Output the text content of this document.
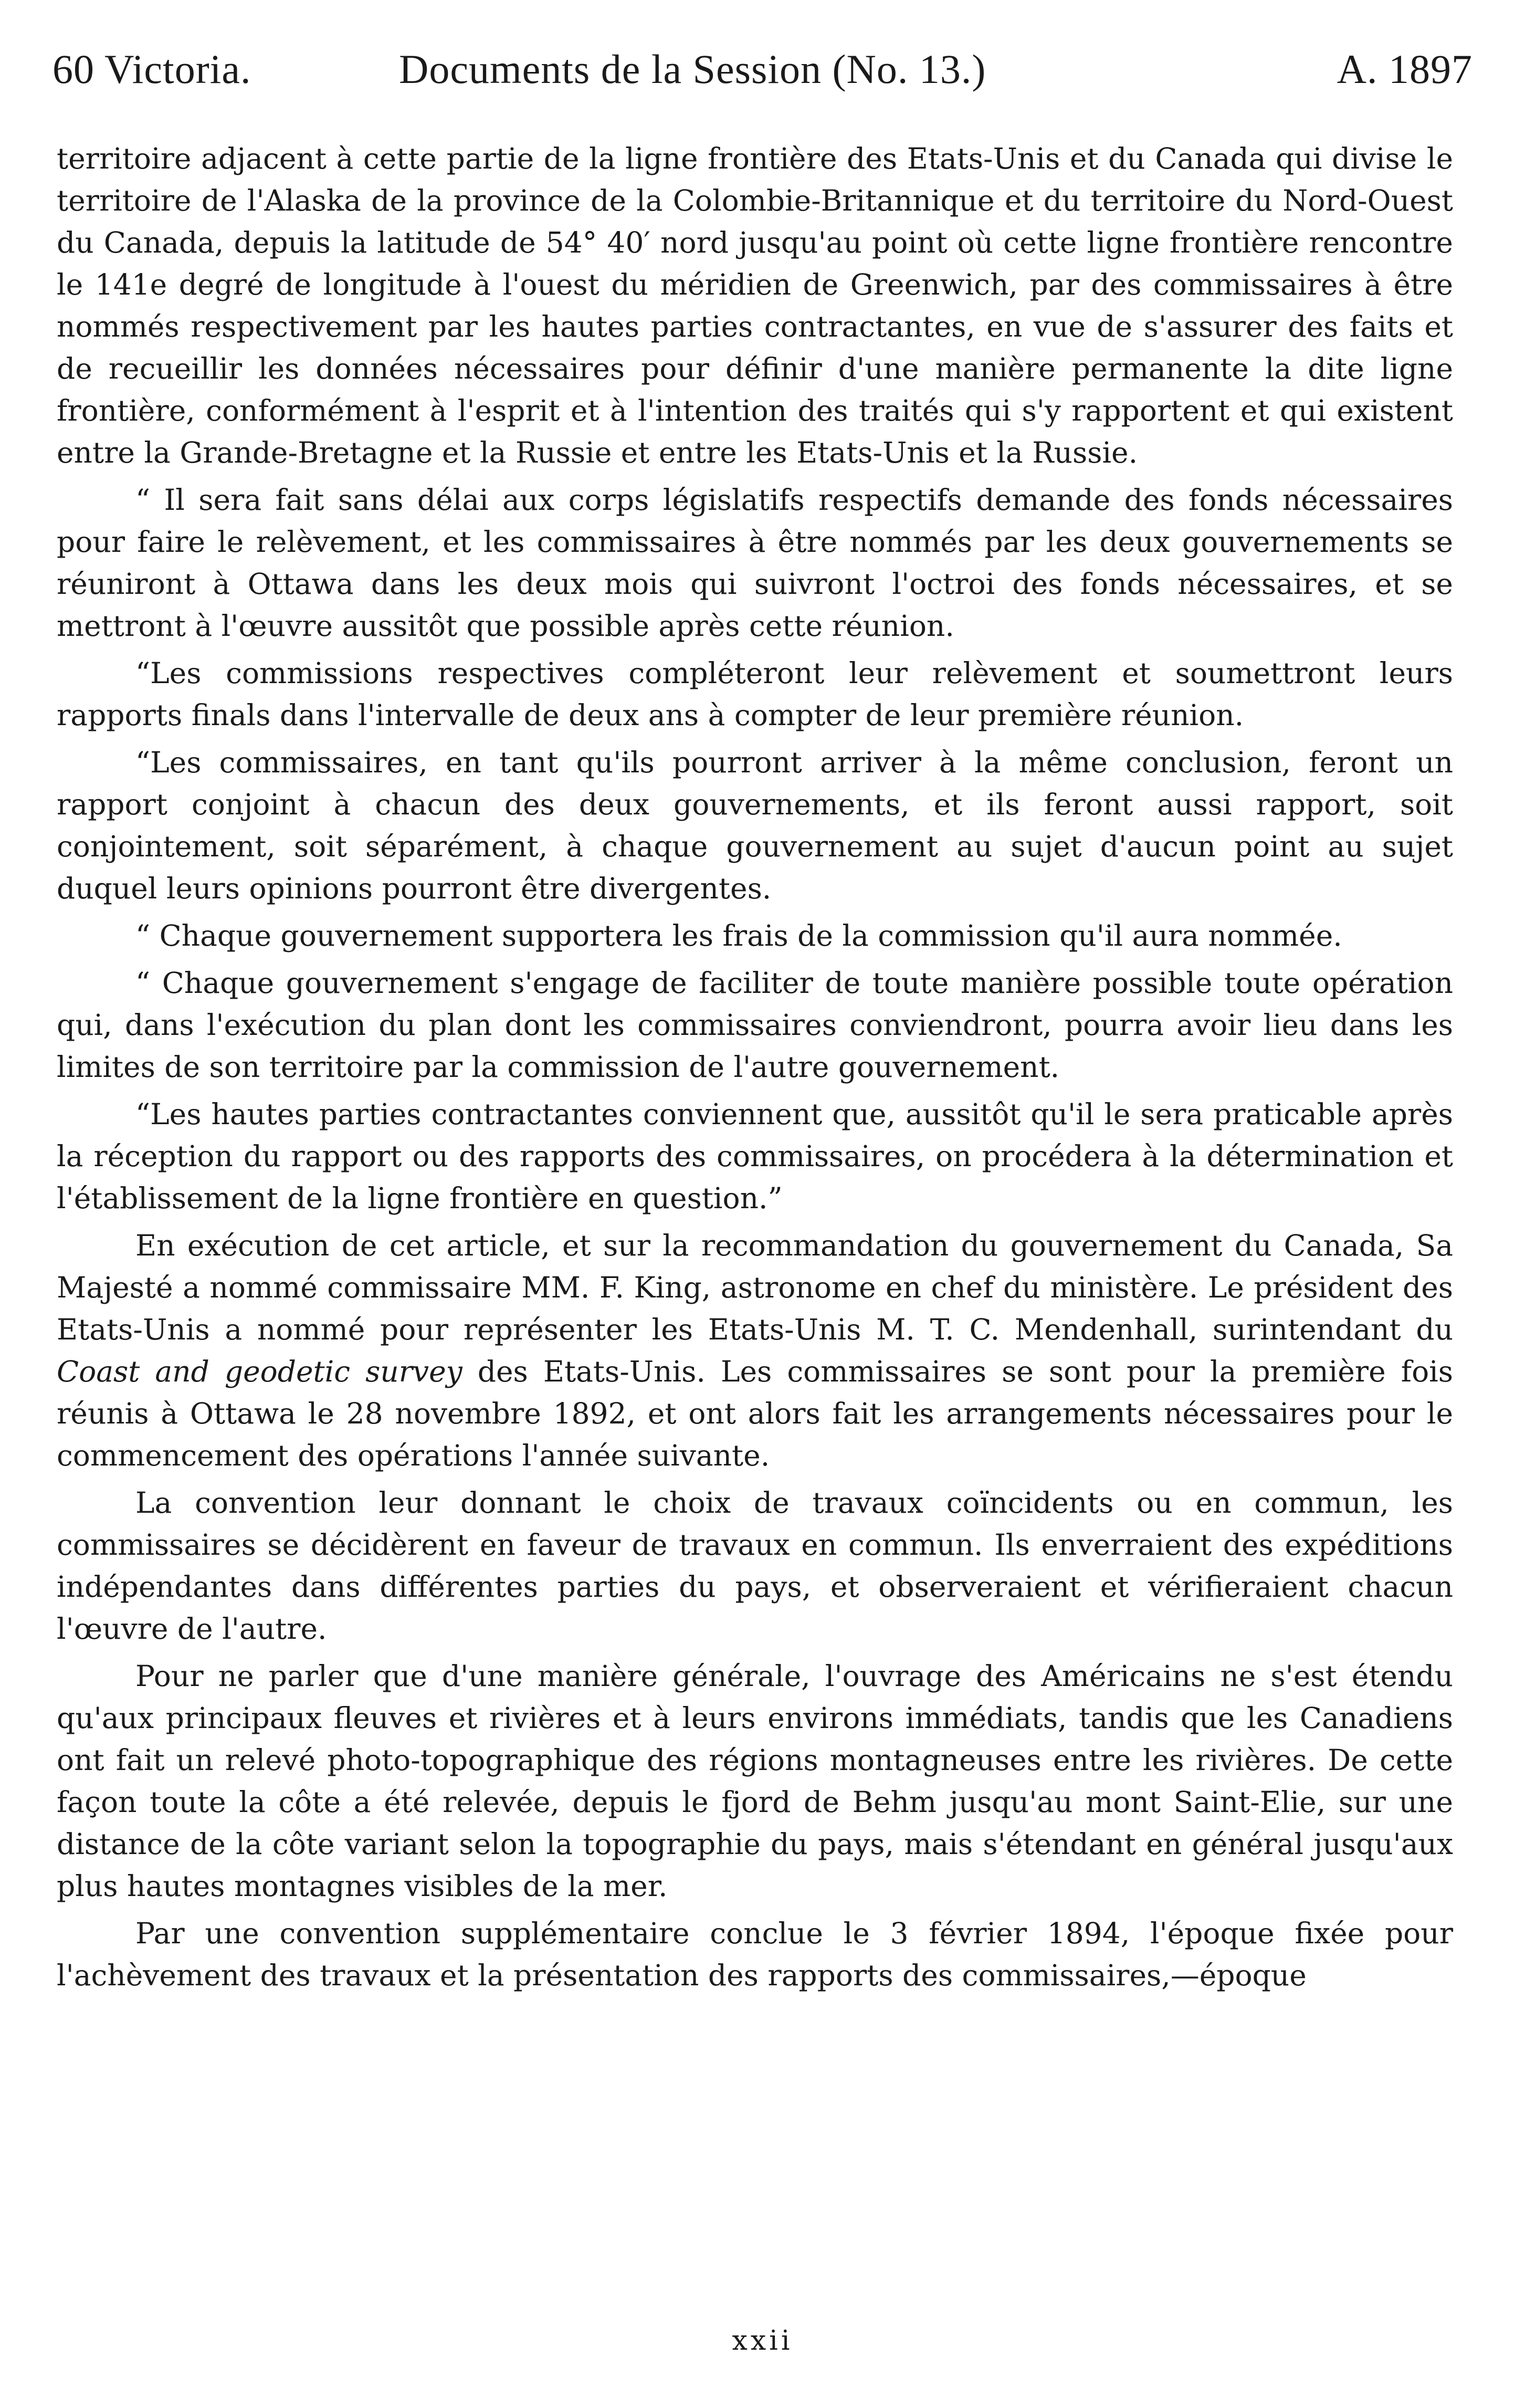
60 Victoria.	Documents de la Session (No. 13.)	A. 1897

territoire adjacent à cette partie de la ligne frontière des Etats-Unis et du Canada qui divise le territoire de l'Alaska de la province de la Colombie-Britannique et du territoire du Nord-Ouest du Canada, depuis la latitude de 54° 40′ nord jusqu'au point où cette ligne frontière rencontre le 141e degré de longitude à l'ouest du méridien de Greenwich, par des commissaires à être nommés respectivement par les hautes parties contractantes, en vue de s'assurer des faits et de recueillir les données nécessaires pour définir d'une manière permanente la dite ligne frontière, conformément à l'esprit et à l'intention des traités qui s'y rapportent et qui existent entre la Grande-Bretagne et la Russie et entre les Etats-Unis et la Russie.

“ Il sera fait sans délai aux corps législatifs respectifs demande des fonds nécessaires pour faire le relèvement, et les commissaires à être nommés par les deux gouvernements se réuniront à Ottawa dans les deux mois qui suivront l'octroi des fonds nécessaires, et se mettront à l'œuvre aussitôt que possible après cette réunion.

“Les commissions respectives compléteront leur relèvement et soumettront leurs rapports finals dans l'intervalle de deux ans à compter de leur première réunion.

“Les commissaires, en tant qu'ils pourront arriver à la même conclusion, feront un rapport conjoint à chacun des deux gouvernements, et ils feront aussi rapport, soit conjointement, soit séparément, à chaque gouvernement au sujet d'aucun point au sujet duquel leurs opinions pourront être divergentes.

“ Chaque gouvernement supportera les frais de la commission qu'il aura nommée.

“ Chaque gouvernement s'engage de faciliter de toute manière possible toute opération qui, dans l'exécution du plan dont les commissaires conviendront, pourra avoir lieu dans les limites de son territoire par la commission de l'autre gouvernement.

“Les hautes parties contractantes conviennent que, aussitôt qu'il le sera praticable après la réception du rapport ou des rapports des commissaires, on procédera à la détermination et l'établissement de la ligne frontière en question.”

En exécution de cet article, et sur la recommandation du gouvernement du Canada, Sa Majesté a nommé commissaire MM. F. King, astronome en chef du ministère. Le président des Etats-Unis a nommé pour représenter les Etats-Unis M. T. C. Mendenhall, surintendant du Coast and geodetic survey des Etats-Unis. Les commissaires se sont pour la première fois réunis à Ottawa le 28 novembre 1892, et ont alors fait les arrangements nécessaires pour le commencement des opérations l'année suivante.

La convention leur donnant le choix de travaux coïncidents ou en commun, les commissaires se décidèrent en faveur de travaux en commun. Ils enverraient des expéditions indépendantes dans différentes parties du pays, et observeraient et vérifieraient chacun l'œuvre de l'autre.

Pour ne parler que d'une manière générale, l'ouvrage des Américains ne s'est étendu qu'aux principaux fleuves et rivières et à leurs environs immédiats, tandis que les Canadiens ont fait un relevé photo-topographique des régions montagneuses entre les rivières. De cette façon toute la côte a été relevée, depuis le fjord de Behm jusqu'au mont Saint-Elie, sur une distance de la côte variant selon la topographie du pays, mais s'étendant en général jusqu'aux plus hautes montagnes visibles de la mer.

Par une convention supplémentaire conclue le 3 février 1894, l'époque fixée pour l'achèvement des travaux et la présentation des rapports des commissaires,—époque

xxii
